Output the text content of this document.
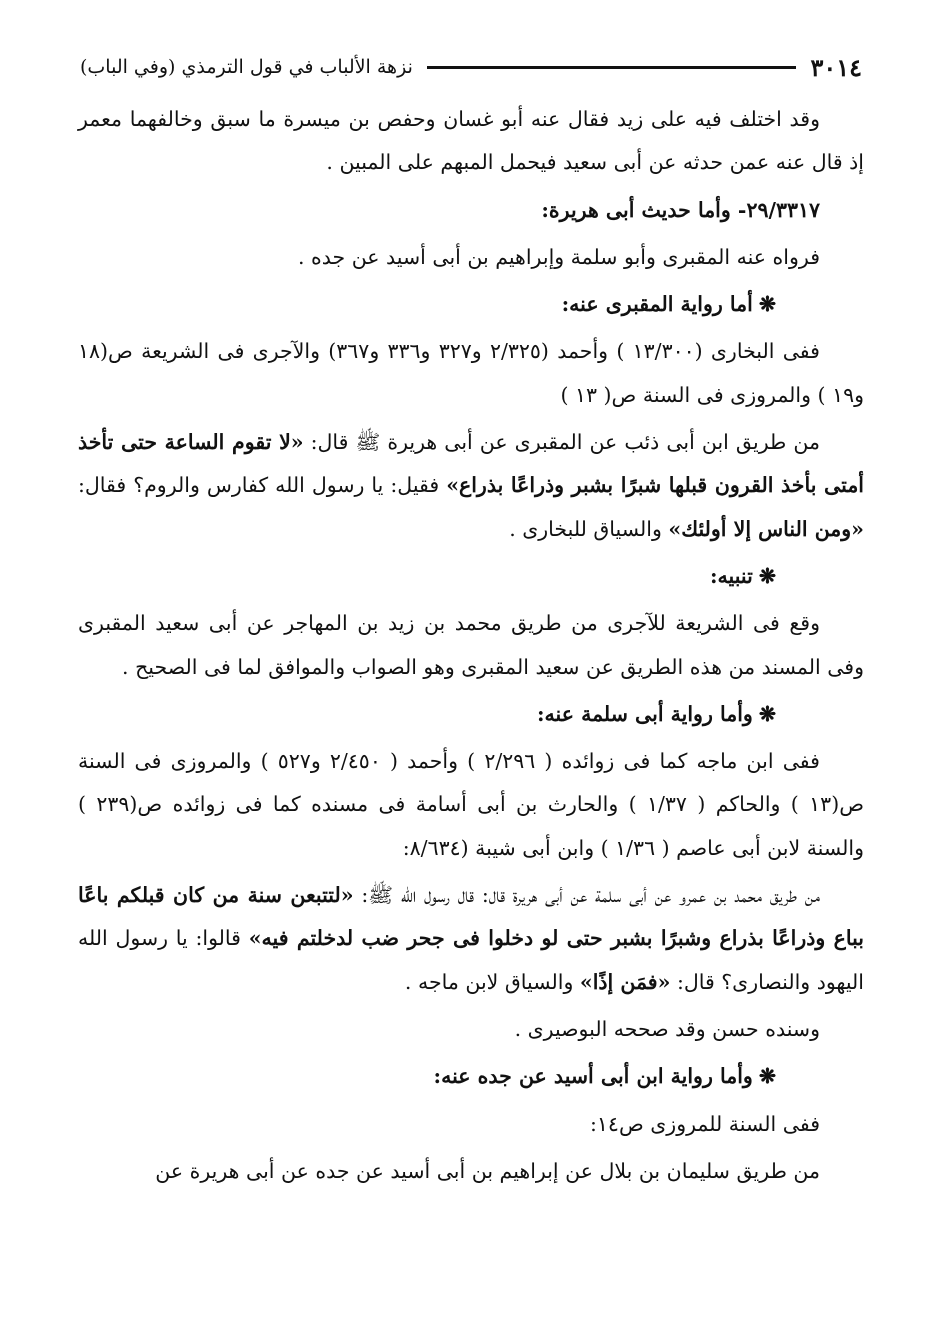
٣٠١٤
نزهة الألباب في قول الترمذي (وفي الباب)

وقد اختلف فيه على زيد فقال عنه أبو غسان وحفص بن ميسرة ما سبق وخالفهما معمر إذ قال عنه عمن حدثه عن أبى سعيد فيحمل المبهم على المبين .

٢٩/٣٣١٧- وأما حديث أبى هريرة:

فرواه عنه المقبرى وأبو سلمة وإبراهيم بن أبى أسيد عن جده .

❋أما رواية المقبرى عنه:

ففى البخارى (١٣/٣٠٠ ) وأحمد (٢/٣٢٥ و٣٢٧ و٣٣٦ و٣٦٧) والآجرى فى الشريعة ص(١٨ و١٩ ) والمروزى فى السنة ص( ١٣ )

من طريق ابن أبى ذئب عن المقبرى عن أبى هريرة ﷺ قال: «لا تقوم الساعة حتى تأخذ أمتى بأخذ القرون قبلها شبرًا بشبر وذراعًا بذراع» فقيل: يا رسول الله كفارس والروم؟ فقال: «ومن الناس إلا أولئك» والسياق للبخارى .

❋تنبيه:

وقع فى الشريعة للآجرى من طريق محمد بن زيد بن المهاجر عن أبى سعيد المقبرى وفى المسند من هذه الطريق عن سعيد المقبرى وهو الصواب والموافق لما فى الصحيح .

❋وأما رواية أبى سلمة عنه:

ففى ابن ماجه كما فى زوائده ( ٢/٢٩٦ ) وأحمد ( ٢/٤٥٠ و٥٢٧ ) والمروزى فى السنة ص(١٣ ) والحاكم ( ١/٣٧ ) والحارث بن أبى أسامة فى مسنده كما فى زوائده ص(٢٣٩ ) والسنة لابن أبى عاصم ( ١/٣٦ ) وابن أبى شيبة (٨/٦٣٤:

من طريق محمد بن عمرو عن أبى سلمة عن أبى هريرة قال: قال رسول الله ﷺ: «لتتبعن سنة من كان قبلكم باعًا بباع وذراعًا بذراع وشبرًا بشبر حتى لو دخلوا فى جحر ضب لدخلتم فيه» قالوا: يا رسول الله اليهود والنصارى؟ قال: «فمَن إذًا» والسياق لابن ماجه .

وسنده حسن وقد صححه البوصيرى .

❋وأما رواية ابن أبى أسيد عن جده عنه:

ففى السنة للمروزى ص١٤:

من طريق سليمان بن بلال عن إبراهيم بن أبى أسيد عن جده عن أبى هريرة عن
